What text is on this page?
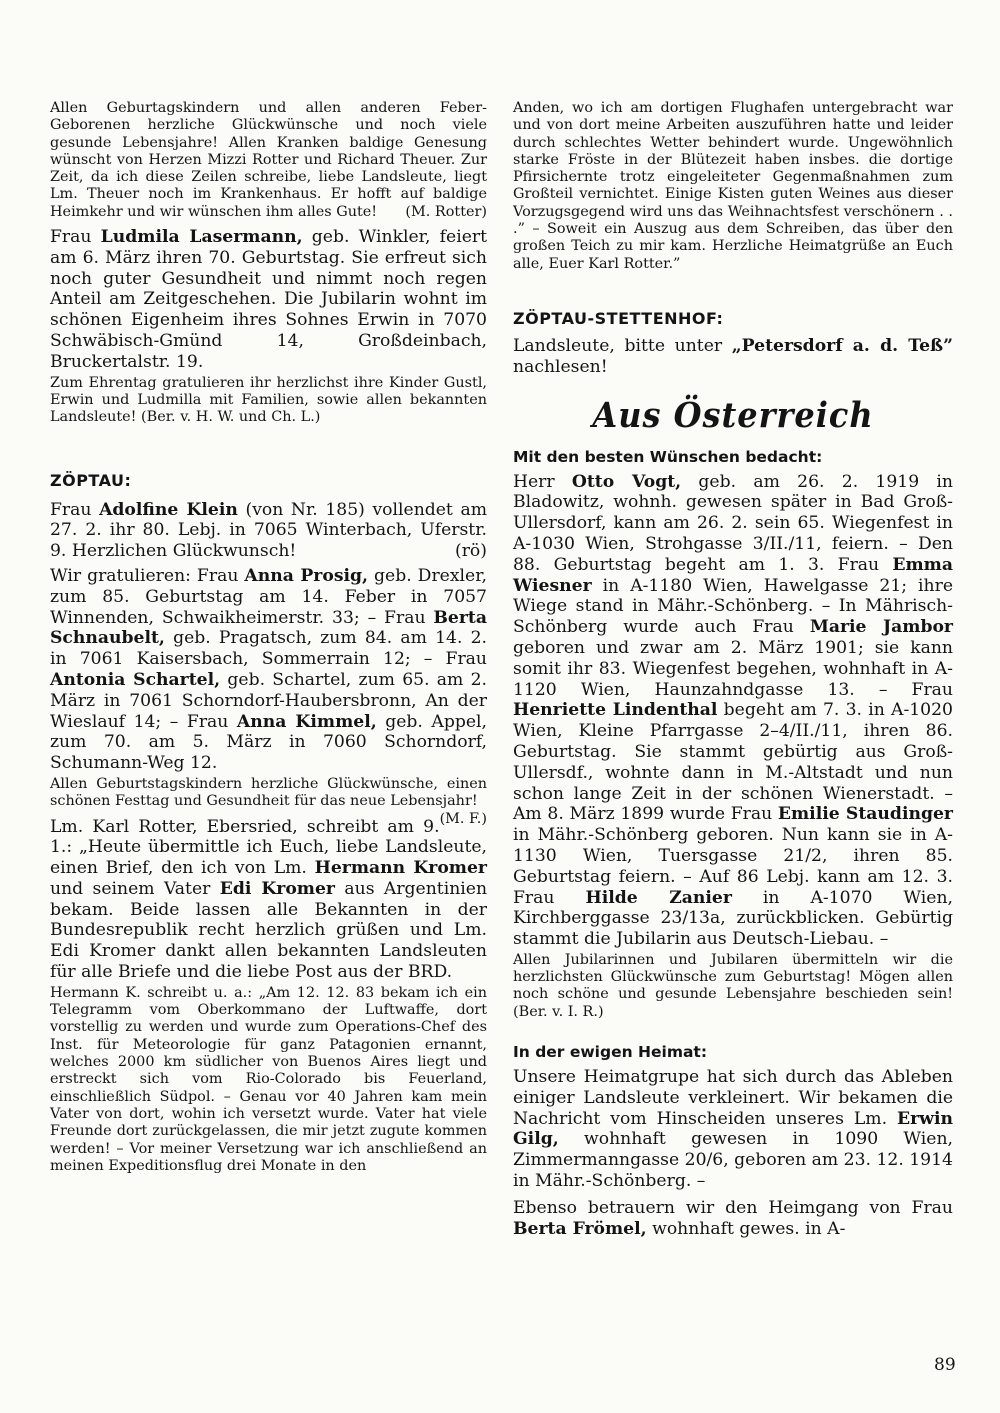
Allen Geburtagskindern und allen anderen Feber-Geborenen herzliche Glückwünsche und noch viele gesunde Lebensjahre! Allen Kranken baldige Genesung wünscht von Herzen Mizzi Rotter und Richard Theuer. Zur Zeit, da ich diese Zeilen schreibe, liebe Landsleute, liegt Lm. Theuer noch im Krankenhaus. Er hofft auf baldige Heimkehr und wir wünschen ihm alles Gute! (M. Rotter)

Frau Ludmila Lasermann, geb. Winkler, feiert am 6. März ihren 70. Geburtstag. Sie erfreut sich noch guter Gesundheit und nimmt noch regen Anteil am Zeitgeschehen. Die Jubilarin wohnt im schönen Eigenheim ihres Sohnes Erwin in 7070 Schwäbisch-Gmünd 14, Großdeinbach, Bruckertalstr. 19.

Zum Ehrentag gratulieren ihr herzlichst ihre Kinder Gustl, Erwin und Ludmilla mit Familien, sowie allen bekannten Landsleute! (Ber. v. H. W. und Ch. L.)

ZÖPTAU:

Frau Adolfine Klein (von Nr. 185) vollendet am 27. 2. ihr 80. Lebj. in 7065 Winterbach, Uferstr. 9. Herzlichen Glückwunsch!	(rö)

Wir gratulieren: Frau Anna Prosig, geb. Drexler, zum 85. Geburtstag am 14. Feber in 7057 Winnenden, Schwaikheimerstr. 33; – Frau Berta Schnaubelt, geb. Pragatsch, zum 84. am 14. 2. in 7061 Kaisersbach, Sommerrain 12; – Frau Antonia Schartel, geb. Schartel, zum 65. am 2. März in 7061 Schorndorf-Haubersbronn, An der Wieslauf 14; – Frau Anna Kimmel, geb. Appel, zum 70. am 5. März in 7060 Schorndorf, Schumann-Weg 12.

Allen Geburtstagskindern herzliche Glückwünsche, einen schönen Festtag und Gesundheit für das neue Lebensjahr!
(M. F.)

Lm. Karl Rotter, Ebersried, schreibt am 9. 1.: „Heute übermittle ich Euch, liebe Landsleute, einen Brief, den ich von Lm. Hermann Kromer und seinem Vater Edi Kromer aus Argentinien bekam. Beide lassen alle Bekannten in der Bundesrepublik recht herzlich grüßen und Lm. Edi Kromer dankt allen bekannten Landsleuten für alle Briefe und die liebe Post aus der BRD.

Hermann K. schreibt u. a.: „Am 12. 12. 83 bekam ich ein Telegramm vom Oberkommano der Luftwaffe, dort vorstellig zu werden und wurde zum Operations-Chef des Inst. für Meteorologie für ganz Patagonien ernannt, welches 2000 km südlicher von Buenos Aires liegt und erstreckt sich vom Rio-Colorado bis Feuerland, einschließlich Südpol. – Genau vor 40 Jahren kam mein Vater von dort, wohin ich versetzt wurde. Vater hat viele Freunde dort zurückgelassen, die mir jetzt zugute kommen werden! – Vor meiner Versetzung war ich anschließend an meinen Expeditionsflug drei Monate in den

Anden, wo ich am dortigen Flughafen untergebracht war und von dort meine Arbeiten auszuführen hatte und leider durch schlechtes Wetter behindert wurde. Ungewöhnlich starke Fröste in der Blütezeit haben insbes. die dortige Pfirsichernte trotz eingeleiteter Gegenmaßnahmen zum Großteil vernichtet. Einige Kisten guten Weines aus dieser Vorzugsgegend wird uns das Weihnachtsfest verschönern . . .” – Soweit ein Auszug aus dem Schreiben, das über den großen Teich zu mir kam. Herzliche Heimatgrüße an Euch alle, Euer Karl Rotter.”

ZÖPTAU-STETTENHOF:

Landsleute, bitte unter „Petersdorf a. d. Teß” nachlesen!

Aus Österreich
Mit den besten Wünschen bedacht:

Herr Otto Vogt, geb. am 26. 2. 1919 in Bladowitz, wohnh. gewesen später in Bad Groß-Ullersdorf, kann am 26. 2. sein 65. Wiegenfest in A-1030 Wien, Strohgasse 3/II./11, feiern. – Den 88. Geburtstag begeht am 1. 3. Frau Emma Wiesner in A-1180 Wien, Hawelgasse 21; ihre Wiege stand in Mähr.-Schönberg. – In Mährisch-Schönberg wurde auch Frau Marie Jambor geboren und zwar am 2. März 1901; sie kann somit ihr 83. Wiegenfest begehen, wohnhaft in A-1120 Wien, Haunzahndgasse 13. – Frau Henriette Lindenthal begeht am 7. 3. in A-1020 Wien, Kleine Pfarrgasse 2–4/II./11, ihren 86. Geburtstag. Sie stammt gebürtig aus Groß-Ullersdf., wohnte dann in M.-Altstadt und nun schon lange Zeit in der schönen Wienerstadt. – Am 8. März 1899 wurde Frau Emilie Staudinger in Mähr.-Schönberg geboren. Nun kann sie in A-1130 Wien, Tuersgasse 21/2, ihren 85. Geburtstag feiern. – Auf 86 Lebj. kann am 12. 3. Frau Hilde Zanier in A-1070 Wien, Kirchberggasse 23/13a, zurückblicken. Gebürtig stammt die Jubilarin aus Deutsch-Liebau. –

Allen Jubilarinnen und Jubilaren übermitteln wir die herzlichsten Glückwünsche zum Geburtstag! Mögen allen noch schöne und gesunde Lebensjahre beschieden sein! (Ber. v. I. R.)

In der ewigen Heimat:

Unsere Heimatgrupe hat sich durch das Ableben einiger Landsleute verkleinert. Wir bekamen die Nachricht vom Hinscheiden unseres Lm. Erwin Gilg, wohnhaft gewesen in 1090 Wien, Zimmermanngasse 20/6, geboren am 23. 12. 1914 in Mähr.-Schönberg. –

Ebenso betrauern wir den Heimgang von Frau Berta Frömel, wohnhaft gewes. in A-

89
